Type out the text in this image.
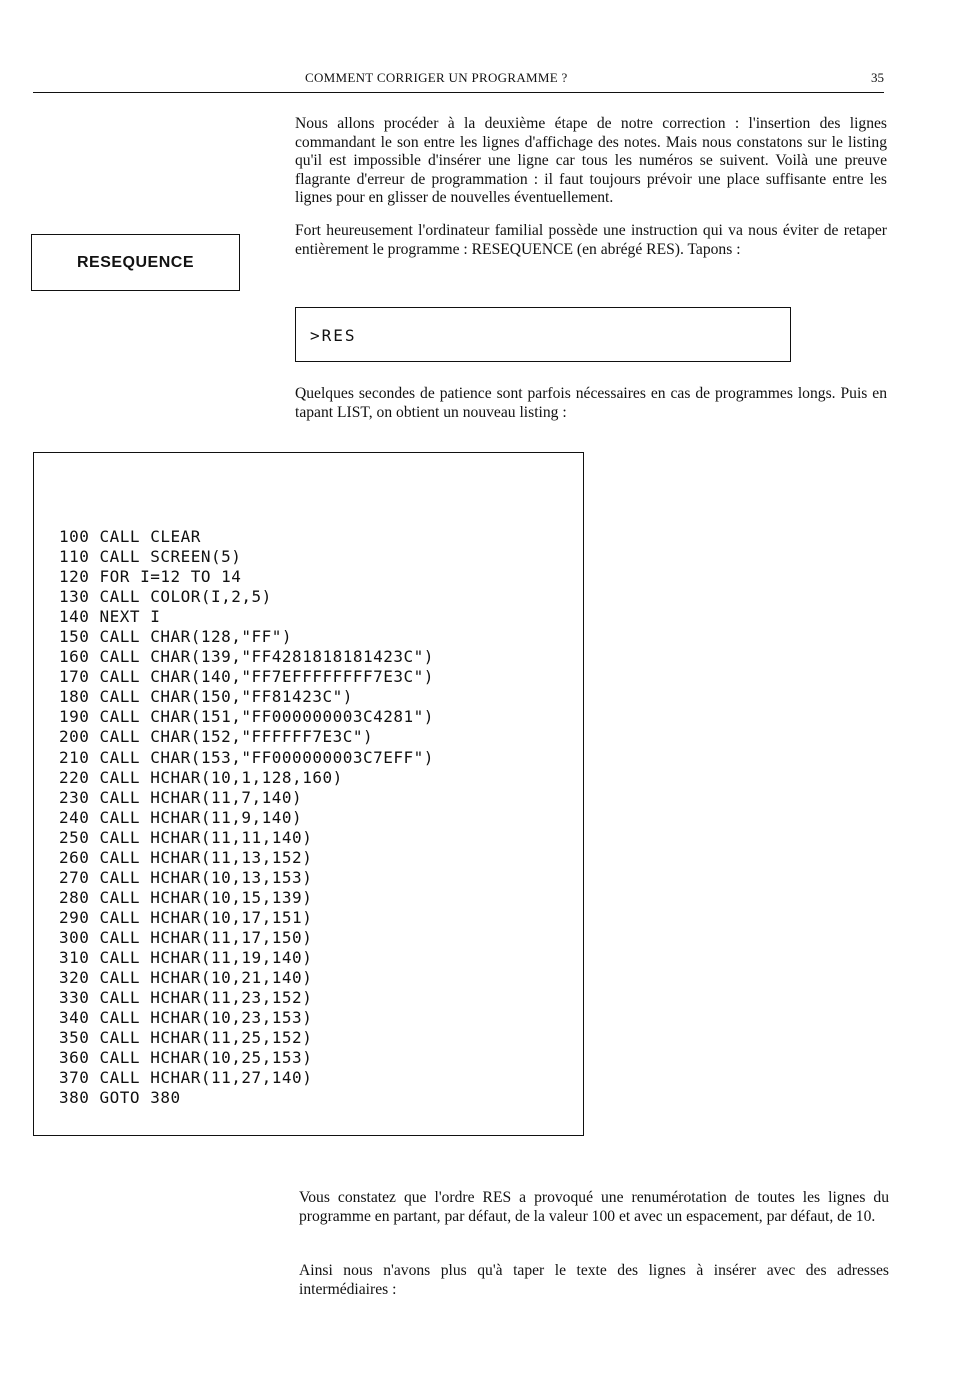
COMMENT CORRIGER UN PROGRAMME ?	35

Nous allons procéder à la deuxième étape de notre correction : l'insertion des lignes commandant le son entre les lignes d'affichage des notes. Mais nous constatons sur le listing qu'il est impossible d'insérer une ligne car tous les numéros se suivent. Voilà une preuve flagrante d'erreur de programmation : il faut toujours prévoir une place suffisante entre les lignes pour en glisser de nouvelles éventuellement.

RESEQUENCE

Fort heureusement l'ordinateur familial possède une instruction qui va nous éviter de retaper entièrement le programme : RESEQUENCE (en abrégé RES). Tapons :

>RES

Quelques secondes de patience sont parfois nécessaires en cas de programmes longs. Puis en tapant LIST, on obtient un nouveau listing :

100 CALL CLEAR
110 CALL SCREEN(5)
120 FOR I=12 TO 14
130 CALL COLOR(I,2,5)
140 NEXT I
150 CALL CHAR(128,"FF")
160 CALL CHAR(139,"FF4281818181423C")
170 CALL CHAR(140,"FF7EFFFFFFFF7E3C")
180 CALL CHAR(150,"FF81423C")
190 CALL CHAR(151,"FF000000003C4281")
200 CALL CHAR(152,"FFFFFF7E3C")
210 CALL CHAR(153,"FF000000003C7EFF")
220 CALL HCHAR(10,1,128,160)
230 CALL HCHAR(11,7,140)
240 CALL HCHAR(11,9,140)
250 CALL HCHAR(11,11,140)
260 CALL HCHAR(11,13,152)
270 CALL HCHAR(10,13,153)
280 CALL HCHAR(10,15,139)
290 CALL HCHAR(10,17,151)
300 CALL HCHAR(11,17,150)
310 CALL HCHAR(11,19,140)
320 CALL HCHAR(10,21,140)
330 CALL HCHAR(11,23,152)
340 CALL HCHAR(10,23,153)
350 CALL HCHAR(11,25,152)
360 CALL HCHAR(10,25,153)
370 CALL HCHAR(11,27,140)
380 GOTO 380

Vous constatez que l'ordre RES a provoqué une renumérotation de toutes les lignes du programme en partant, par défaut, de la valeur 100 et avec un espacement, par défaut, de 10.

Ainsi nous n'avons plus qu'à taper le texte des lignes à insérer avec des adresses intermédiaires :
